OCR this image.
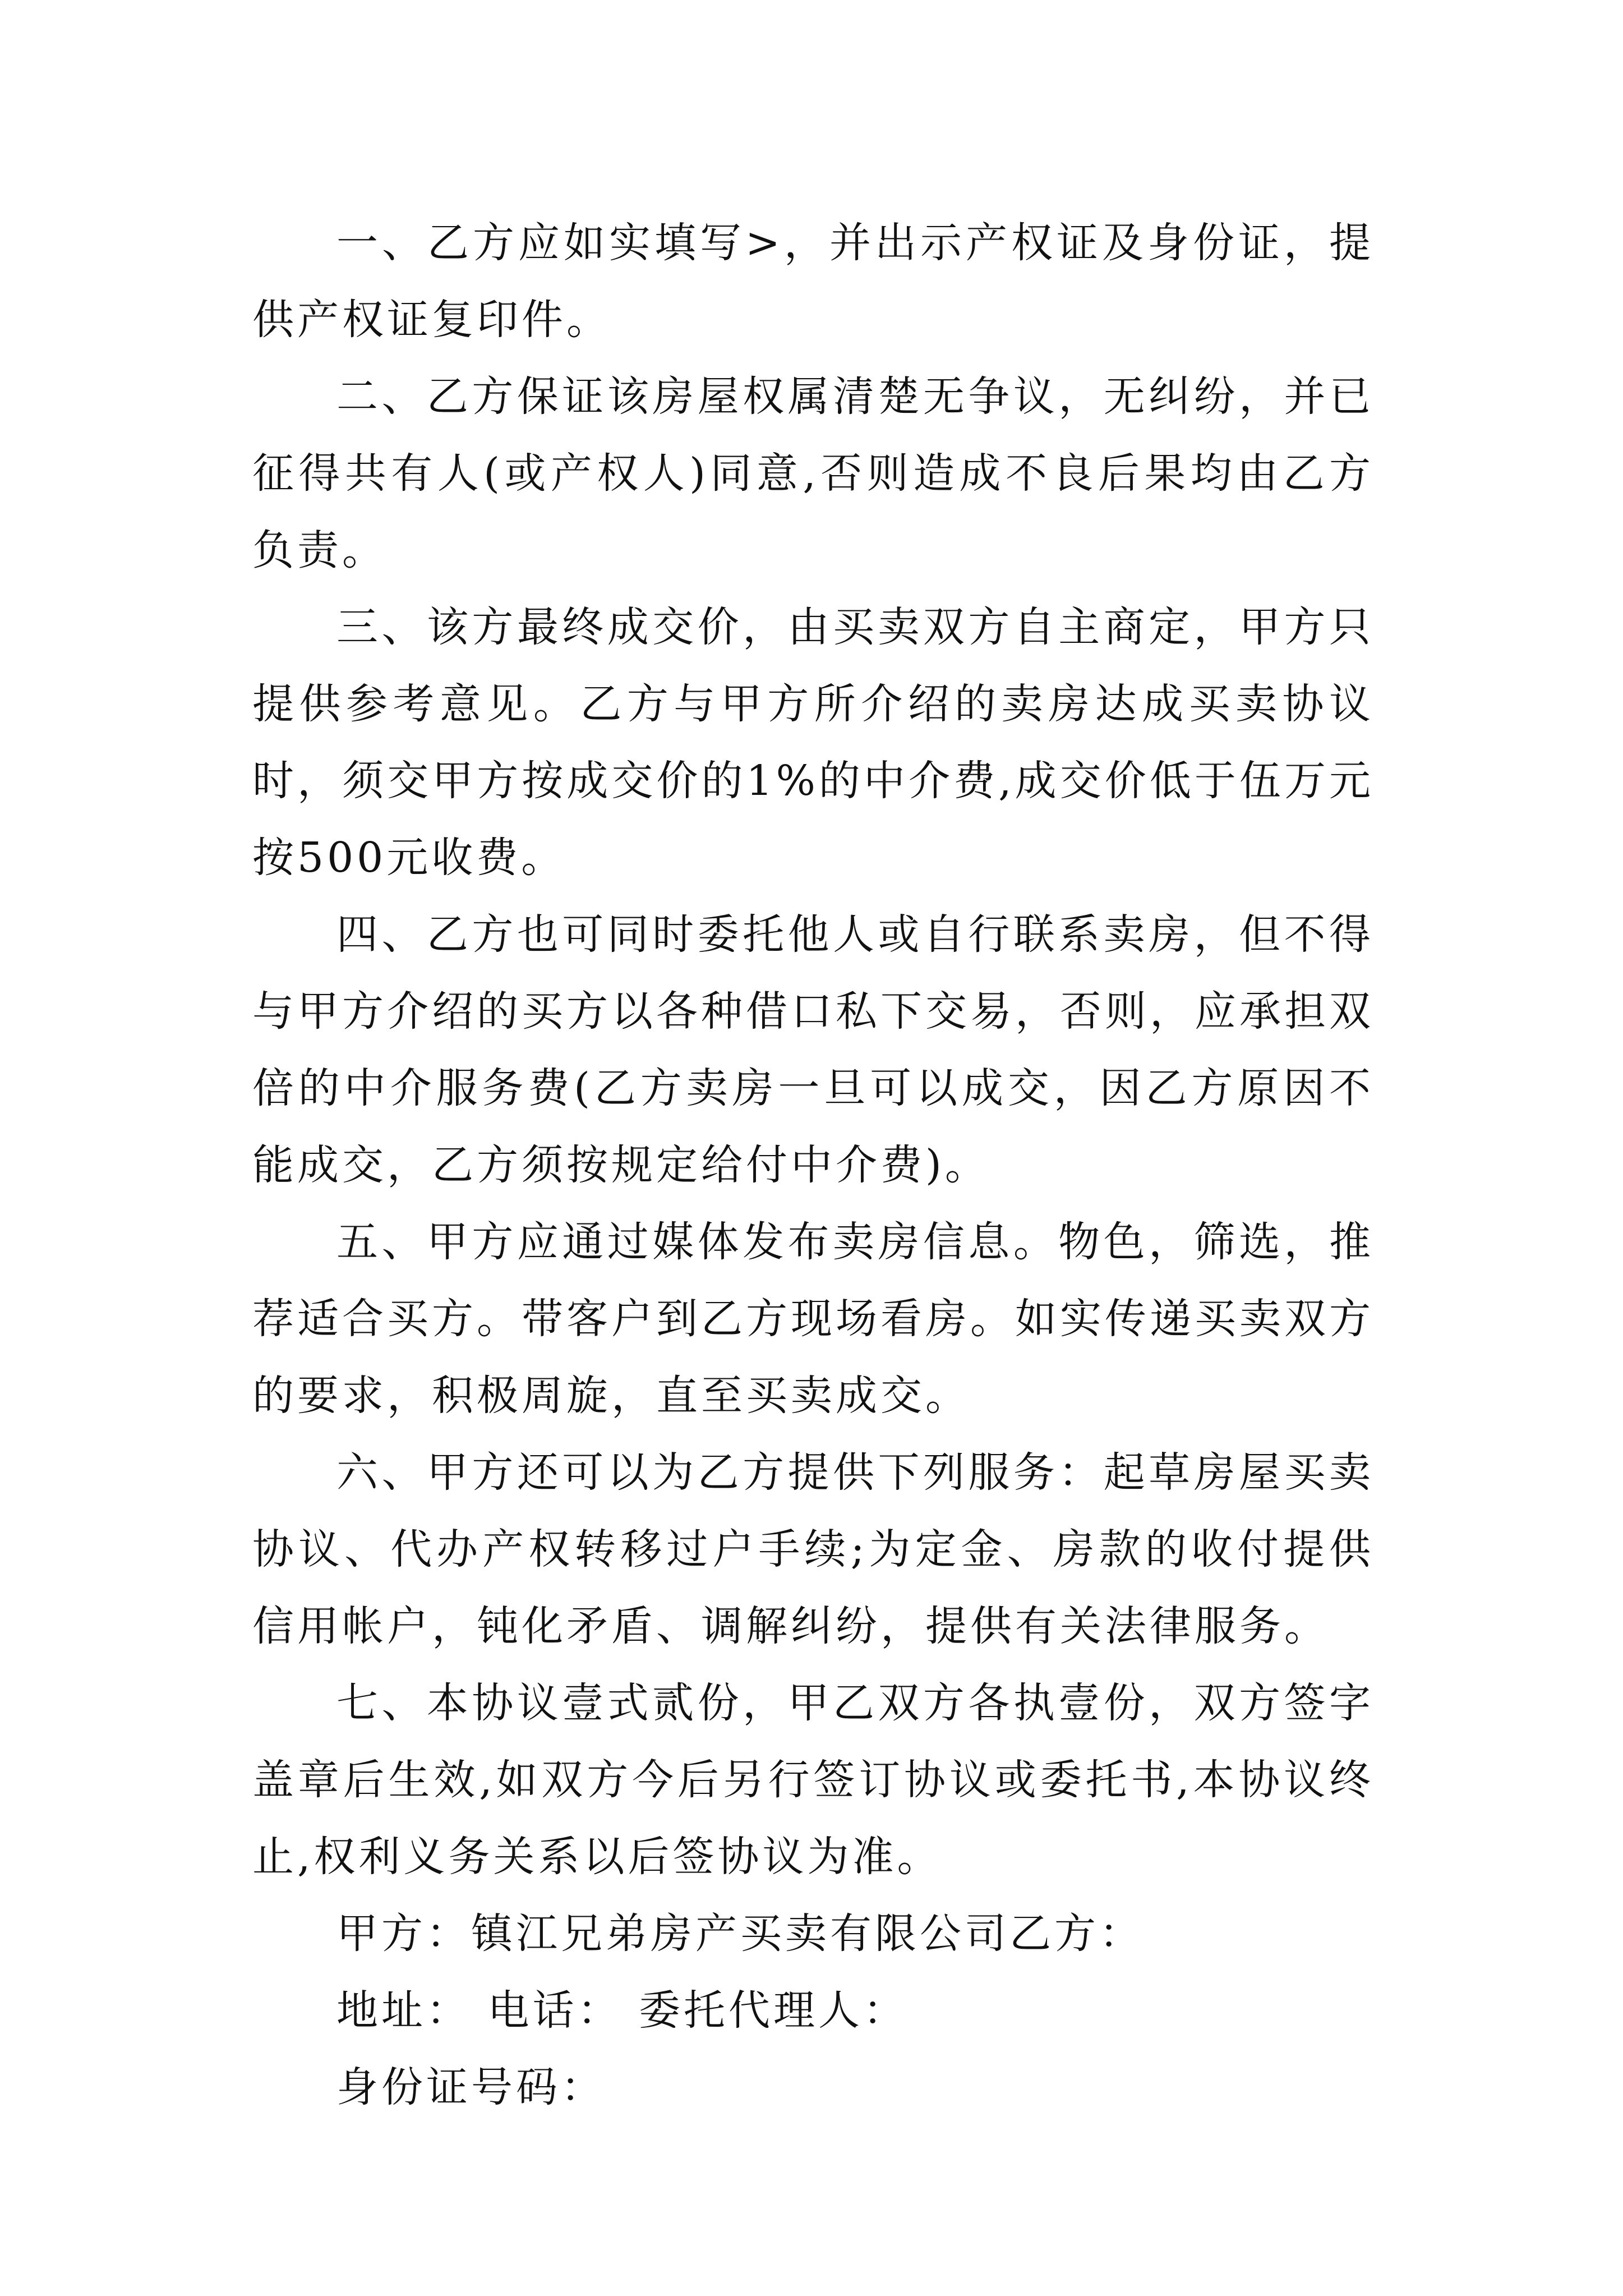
一、乙方应如实填写>，并出示产权证及身份证，提供产权证复印件。

二、乙方保证该房屋权属清楚无争议，无纠纷，并已征得共有人(或产权人)同意,否则造成不良后果均由乙方负责。

三、该方最终成交价，由买卖双方自主商定，甲方只提供参考意见。乙方与甲方所介绍的卖房达成买卖协议时，须交甲方按成交价的1%的中介费,成交价低于伍万元按500元收费。

四、乙方也可同时委托他人或自行联系卖房，但不得与甲方介绍的买方以各种借口私下交易，否则，应承担双倍的中介服务费(乙方卖房一旦可以成交，因乙方原因不能成交，乙方须按规定给付中介费)。

五、甲方应通过媒体发布卖房信息。物色，筛选，推荐适合买方。带客户到乙方现场看房。如实传递买卖双方的要求，积极周旋，直至买卖成交。

六、甲方还可以为乙方提供下列服务：起草房屋买卖协议、代办产权转移过户手续;为定金、房款的收付提供信用帐户，钝化矛盾、调解纠纷，提供有关法律服务。

七、本协议壹式贰份，甲乙双方各执壹份，双方签字盖章后生效,如双方今后另行签订协议或委托书,本协议终止,权利义务关系以后签协议为准。

甲方：镇江兄弟房产买卖有限公司乙方：

地址： 电话： 委托代理人：

身份证号码：
